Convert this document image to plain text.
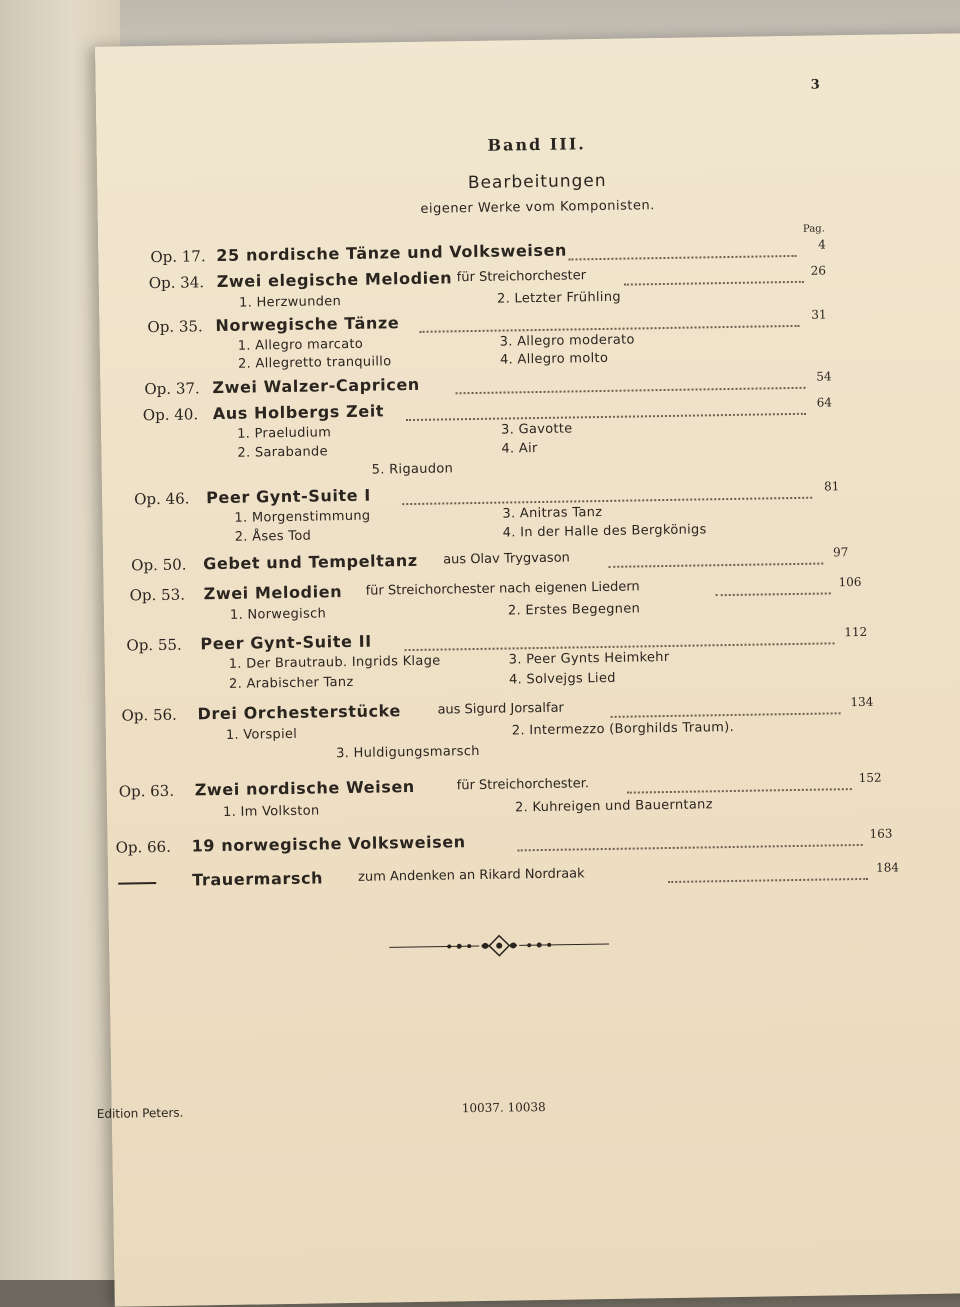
3
Band III.
Bearbeitungen
eigener Werke vom Komponisten.
Pag.
Op. 17. 25 nordische Tänze und Volksweisen	4
Op. 34. Zwei elegische Melodien für Streichorchester	26
1. Herzwunden	2. Letzter Frühling
Op. 35. Norwegische Tänze	31
1. Allegro marcato	3. Allegro moderato
2. Allegretto tranquillo	4. Allegro molto
Op. 37. Zwei Walzer-Capricen	54
Op. 40. Aus Holbergs Zeit	64
1. Praeludium	3. Gavotte
2. Sarabande	4. Air
5. Rigaudon
Op. 46. Peer Gynt-Suite I	81
1. Morgenstimmung	3. Anitras Tanz
2. Åses Tod	4. In der Halle des Bergkönigs
Op. 50. Gebet und Tempeltanz aus Olav Trygvason	97
Op. 53. Zwei Melodien für Streichorchester nach eigenen Liedern	106
1. Norwegisch	2. Erstes Begegnen
Op. 55. Peer Gynt-Suite II	112
1. Der Brautraub. Ingrids Klage	3. Peer Gynts Heimkehr
2. Arabischer Tanz	4. Solvejgs Lied
Op. 56. Drei Orchesterstücke	aus Sigurd Jorsalfar	134
1. Vorspiel	2. Intermezzo (Borghilds Traum).
3. Huldigungsmarsch
Op. 63. Zwei nordische Weisen	für Streichorchester.	152
1. Im Volkston	2. Kuhreigen und Bauerntanz
Op. 66. 19 norwegische Volksweisen	163
Trauermarsch	zum Andenken an Rikard Nordraak	184
Edition Peters.	10037. 10038
